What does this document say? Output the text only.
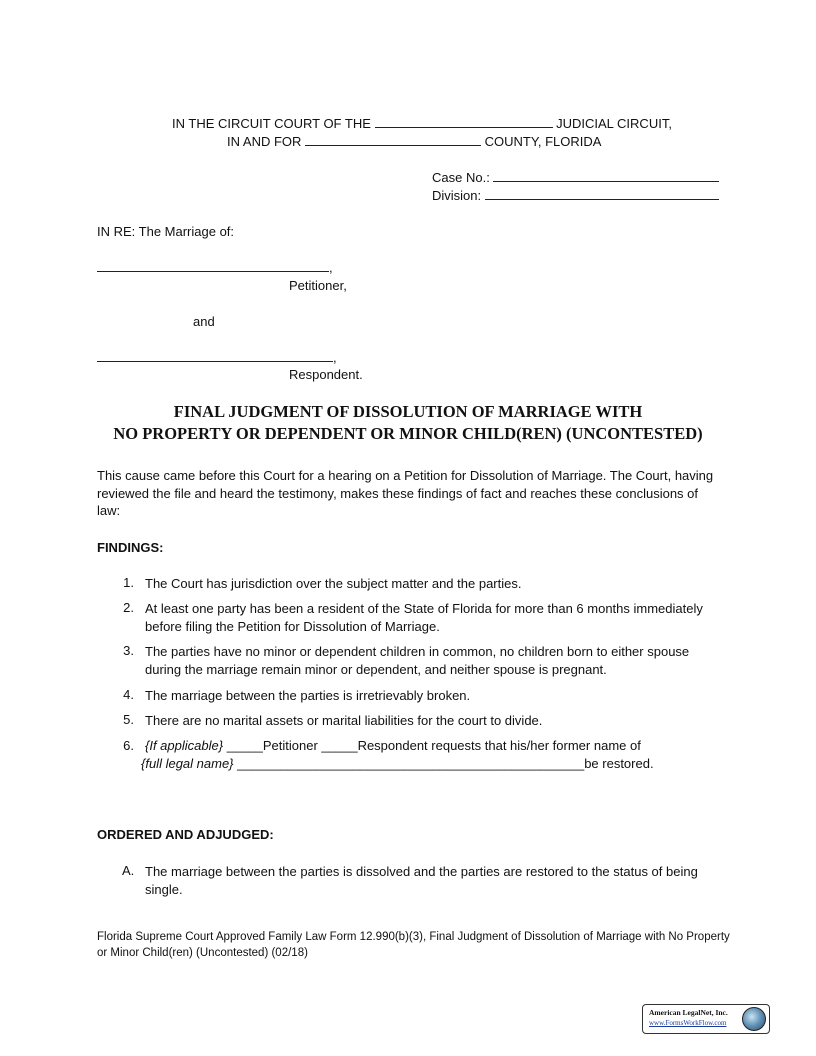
IN THE CIRCUIT COURT OF THE	JUDICIAL CIRCUIT,
IN AND FOR	COUNTY, FLORIDA
Case No.:
Division:
IN RE: The Marriage of:
,
Petitioner,
and
,
Respondent.
FINAL JUDGMENT OF DISSOLUTION OF MARRIAGE WITH
NO PROPERTY OR DEPENDENT OR MINOR CHILD(REN) (UNCONTESTED)
This cause came before this Court for a hearing on a Petition for Dissolution of Marriage. The Court, having reviewed the file and heard the testimony, makes these findings of fact and reaches these conclusions of law:
FINDINGS:
1. The Court has jurisdiction over the subject matter and the parties.
2. At least one party has been a resident of the State of Florida for more than 6 months immediately before filing the Petition for Dissolution of Marriage.
3. The parties have no minor or dependent children in common, no children born to either spouse during the marriage remain minor or dependent, and neither spouse is pregnant.
4. The marriage between the parties is irretrievably broken.
5. There are no marital assets or marital liabilities for the court to divide.
6. {If applicable} _____Petitioner _____Respondent requests that his/her former name of
{full legal name} ________________________________________________be restored.
ORDERED AND ADJUDGED:
A. The marriage between the parties is dissolved and the parties are restored to the status of being single.
Florida Supreme Court Approved Family Law Form 12.990(b)(3), Final Judgment of Dissolution of Marriage with No Property or Minor Child(ren) (Uncontested) (02/18)
American LegalNet, Inc.
www.FormsWorkFlow.com
